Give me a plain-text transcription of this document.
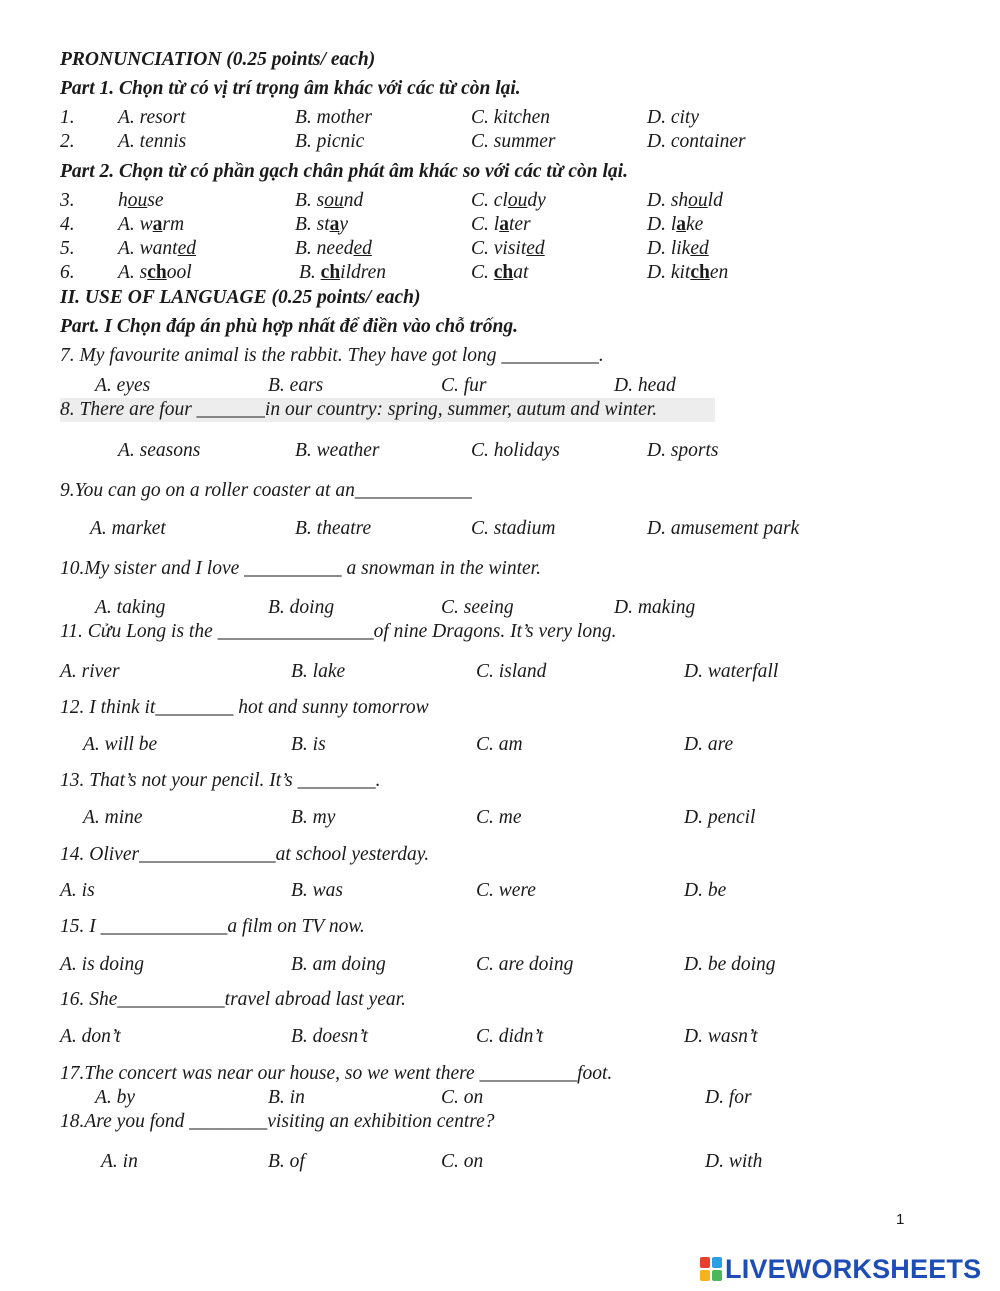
PRONUNCIATION (0.25 points/ each)
Part 1. Chọn từ có vị trí trọng âm khác với các từ còn lại.
1. A. resort	B. mother	C. kitchen	D. city
2. A. tennis	B. picnic	C. summer	D. container
Part 2. Chọn từ có phần gạch chân phát âm khác so với các từ còn lại.
3. house	B. sound	C. cloudy	D. should
4. A. warm	B. stay	C. later	D. lake
5. A. wanted	B. needed	C. visited	D. liked
6. A. school	B. children	C. chat	D. kitchen
II. USE OF LANGUAGE (0.25 points/ each)
Part. I Chọn đáp án phù hợp nhất để điền vào chỗ trống.
7. My favourite animal is the rabbit. They have got long __________.
A. eyes	B. ears	C. fur	D. head
8. There are four _______in our country: spring, summer, autum and winter.
A. seasons	B. weather	C. holidays	D. sports
9.You can go on a roller coaster at an____________
A. market	B. theatre	C. stadium	D. amusement park
10.My sister and I love __________ a snowman in the winter.
A. taking	B. doing	C. seeing	D. making
11. Cửu Long is the ________________of nine Dragons. It’s very long.
A. river	B. lake	C. island	D. waterfall
12. I think it________ hot and sunny tomorrow
A. will be	B. is	C. am	D. are
13. That’s not your pencil. It’s ________.
A. mine	B. my	C. me	D. pencil
14. Oliver______________at school yesterday.
A. is	B. was	C. were	D. be
15. I _____________a film on TV now.
A. is doing	B. am doing	C. are doing	D. be doing
16. She___________travel abroad last year.
A. don’t	B. doesn’t	C. didn’t	D. wasn’t
17.The concert was near our house, so we went there __________foot.
A. by	B. in	C. on	D. for
18.Are you fond ________visiting an exhibition centre?
A. in	B. of	C. on	D. with
1
LIVEWORKSHEETS
